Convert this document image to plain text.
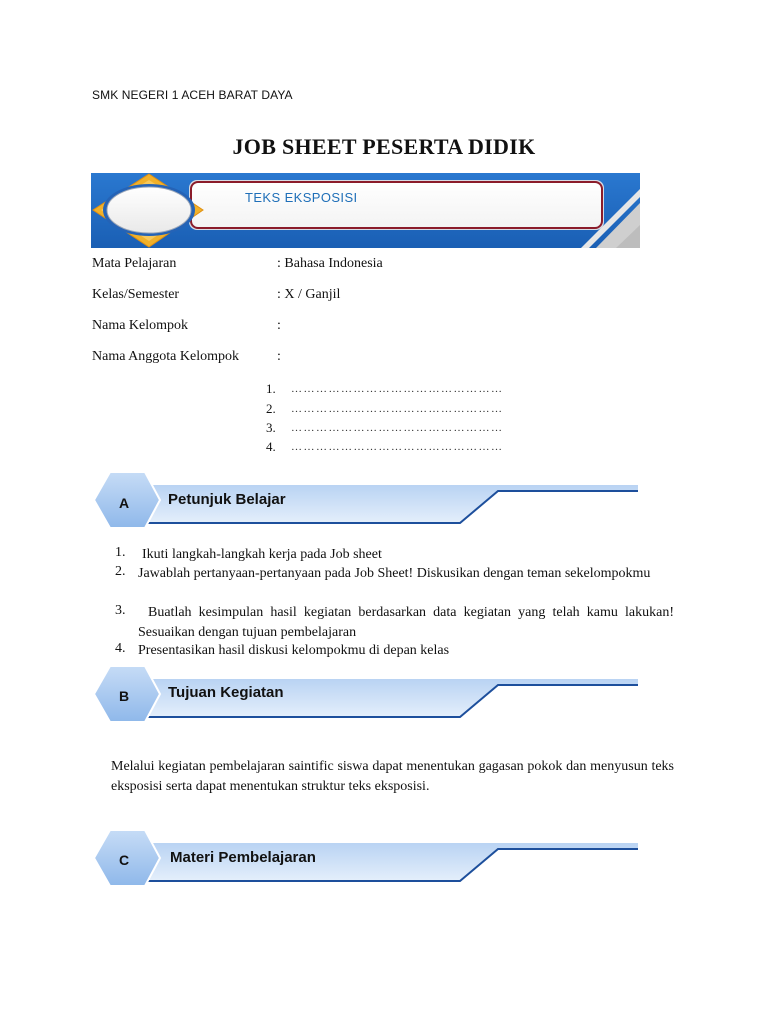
SMK NEGERI 1 ACEH BARAT DAYA
JOB SHEET PESERTA DIDIK
TEKS EKSPOSISI
Mata Pelajaran	: Bahasa Indonesia
Kelas/Semester	: X / Ganjil
Nama Kelompok	:
Nama Anggota Kelompok	:
1. ……………………………………………
2. ……………………………………………
3. ……………………………………………
4. ……………………………………………
A	Petunjuk Belajar
1. Ikuti langkah-langkah kerja pada Job sheet
2. Jawablah pertanyaan-pertanyaan pada Job Sheet! Diskusikan dengan teman sekelompokmu
3.	Buatlah kesimpulan hasil kegiatan berdasarkan data kegiatan yang telah kamu lakukan! Sesuaikan dengan tujuan pembelajaran
4. Presentasikan hasil diskusi kelompokmu di depan kelas
B	Tujuan Kegiatan
Melalui kegiatan pembelajaran saintific siswa dapat menentukan gagasan pokok dan menyusun teks eksposisi serta dapat menentukan struktur teks eksposisi.
C	Materi Pembelajaran
